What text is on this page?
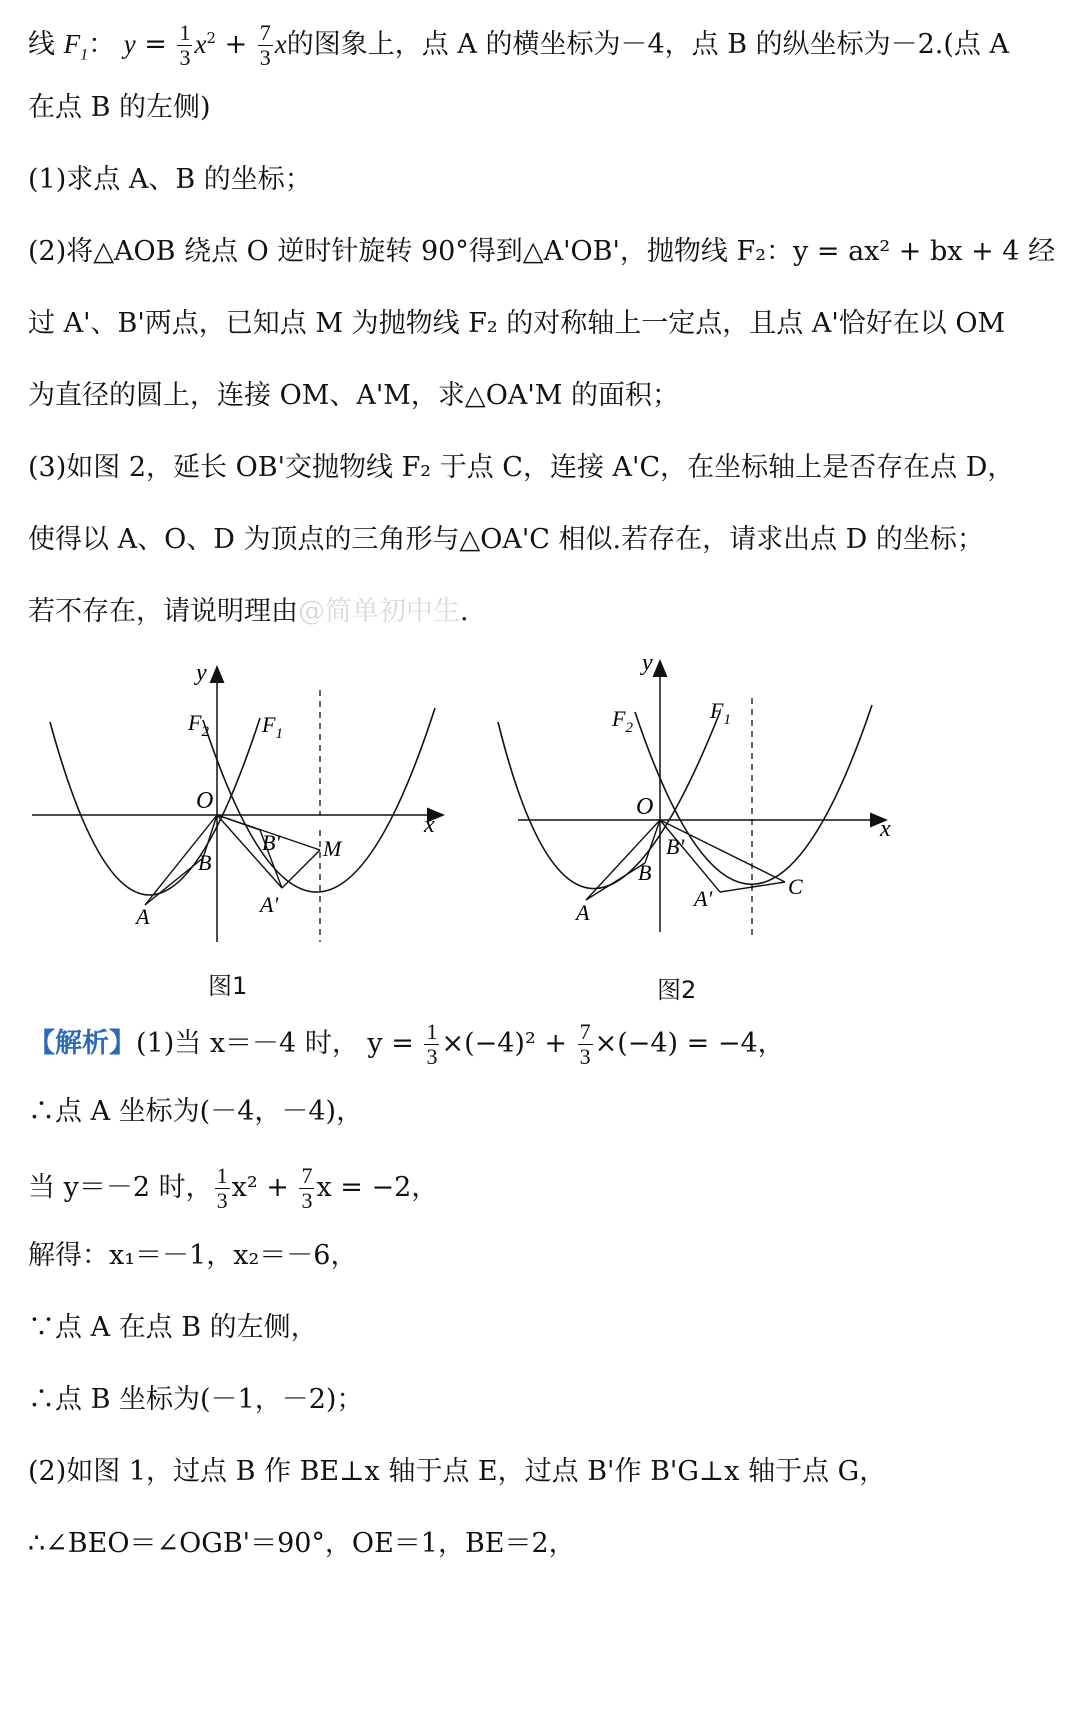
线 $F_1$： $y = \frac{1}{3} x^2 + \frac{7}{3}$ x的图象上，点 A 的横坐标为－4，点 B 的纵坐标为－2.(点 A
在点 B 的左侧)
(1)求点 A、B 的坐标；
(2)将△AOB 绕点 O 逆时针旋转 90°得到△A'OB'，抛物线 F₂：y = ax² + bx + 4 经
过 A'、B'两点，已知点 M 为抛物线 F₂ 的对称轴上一定点，且点 A'恰好在以 OM
为直径的圆上，连接 OM、A'M，求△OA'M 的面积；
(3)如图 2，延长 OB'交抛物线 F₂ 于点 C，连接 A'C，在坐标轴上是否存在点 D，
使得以 A、O、D 为顶点的三角形与△OA'C 相似.若存在，请求出点 D 的坐标；
若不存在，请说明理由@简单初中生.
y
x
O
$F_2$ $F_1$
B
A
B' M
A'
图1
y
x
O
$F_2$
$F_1$
B'
B
A
A'	C
图2
【解析】(1)当 x＝－4 时， $y = \frac{1}{3} \times(-4)^2 + \frac{7}{3} \times(-4) = -4$，
∴点 A 坐标为(－4，－4)，
当 y＝－2 时， $\frac{1}{3} x^2 + \frac{7}{3}$ x = −2，
解得：x₁＝－1，x₂＝－6，
∵点 A 在点 B 的左侧，
∴点 B 坐标为(－1，－2)；
(2)如图 1，过点 B 作 BE⊥x 轴于点 E，过点 B'作 B'G⊥x 轴于点 G，
∴∠BEO＝∠OGB'＝90°，OE＝1，BE＝2，
